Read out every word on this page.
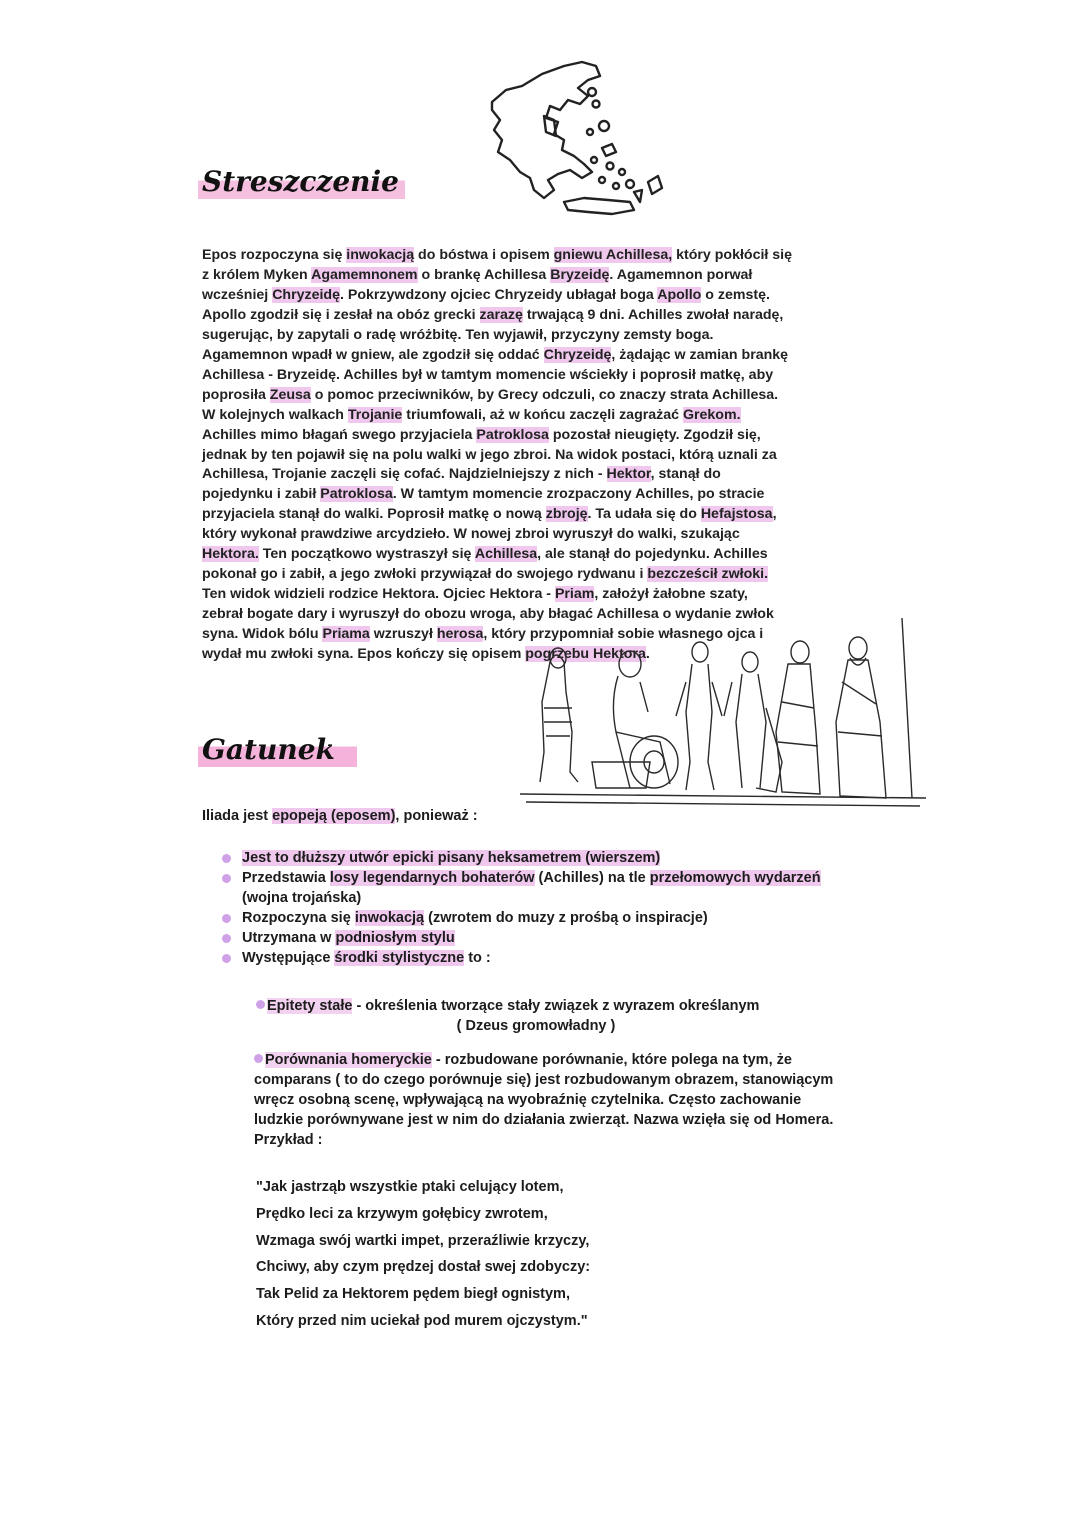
Streszczenie
Epos rozpoczyna się inwokacją do bóstwa i opisem gniewu Achillesa, który pokłócił się
z królem Myken Agamemnonem o brankę Achillesa Bryzeidę. Agamemnon porwał
wcześniej Chryzeidę. Pokrzywdzony ojciec Chryzeidy ubłagał boga Apollo o zemstę.
Apollo zgodził się i zesłał na obóz grecki zarazę trwającą 9 dni. Achilles zwołał naradę,
sugerując, by zapytali o radę wróżbitę. Ten wyjawił, przyczyny zemsty boga.
Agamemnon wpadł w gniew, ale zgodził się oddać Chryzeidę, żądając w zamian brankę
Achillesa - Bryzeidę. Achilles był w tamtym momencie wściekły i poprosił matkę, aby
poprosiła Zeusa o pomoc przeciwników, by Grecy odczuli, co znaczy strata Achillesa.
W kolejnych walkach Trojanie triumfowali, aż w końcu zaczęli zagrażać Grekom.
Achilles mimo błagań swego przyjaciela Patroklosa pozostał nieugięty. Zgodził się,
jednak by ten pojawił się na polu walki w jego zbroi. Na widok postaci, którą uznali za
Achillesa, Trojanie zaczęli się cofać. Najdzielniejszy z nich - Hektor, stanął do
pojedynku i zabił Patroklosa. W tamtym momencie zrozpaczony Achilles, po stracie
przyjaciela stanął do walki. Poprosił matkę o nową zbroję. Ta udała się do Hefajstosa,
który wykonał prawdziwe arcydzieło. W nowej zbroi wyruszył do walki, szukając
Hektora. Ten początkowo wystraszył się Achillesa, ale stanął do pojedynku. Achilles
pokonał go i zabił, a jego zwłoki przywiązał do swojego rydwanu i bezcześcił zwłoki.
Ten widok widzieli rodzice Hektora. Ojciec Hektora - Priam, założył żałobne szaty,
zebrał bogate dary i wyruszył do obozu wroga, aby błagać Achillesa o wydanie zwłok
syna. Widok bólu Priama wzruszył herosa, który przypomniał sobie własnego ojca i
wydał mu zwłoki syna. Epos kończy się opisem pogrzebu Hektora.
Gatunek
Iliada jest epopeją (eposem), ponieważ :
Jest to dłuższy utwór epicki pisany heksametrem (wierszem)
Przedstawia losy legendarnych bohaterów (Achilles) na tle przełomowych wydarzeń (wojna trojańska)
Rozpoczyna się inwokacją (zwrotem do muzy z prośbą o inspiracje)
Utrzymana w podniosłym stylu
Występujące środki stylistyczne to :
Epitety stałe - określenia tworzące stały związek z wyrazem określanym
( Dzeus gromowładny )
Porównania homeryckie - rozbudowane porównanie, które polega na tym, że comparans ( to do czego porównuje się) jest rozbudowanym obrazem, stanowiącym wręcz osobną scenę, wpływającą na wyobraźnię czytelnika. Często zachowanie ludzkie porównywane jest w nim do działania zwierząt. Nazwa wzięła się od Homera. Przykład :
"Jak jastrząb wszystkie ptaki celujący lotem,
Prędko leci za krzywym gołębicy zwrotem,
Wzmaga swój wartki impet, przeraźliwie krzyczy,
Chciwy, aby czym prędzej dostał swej zdobyczy:
Tak Pelid za Hektorem pędem biegł ognistym,
Który przed nim uciekał pod murem ojczystym."
